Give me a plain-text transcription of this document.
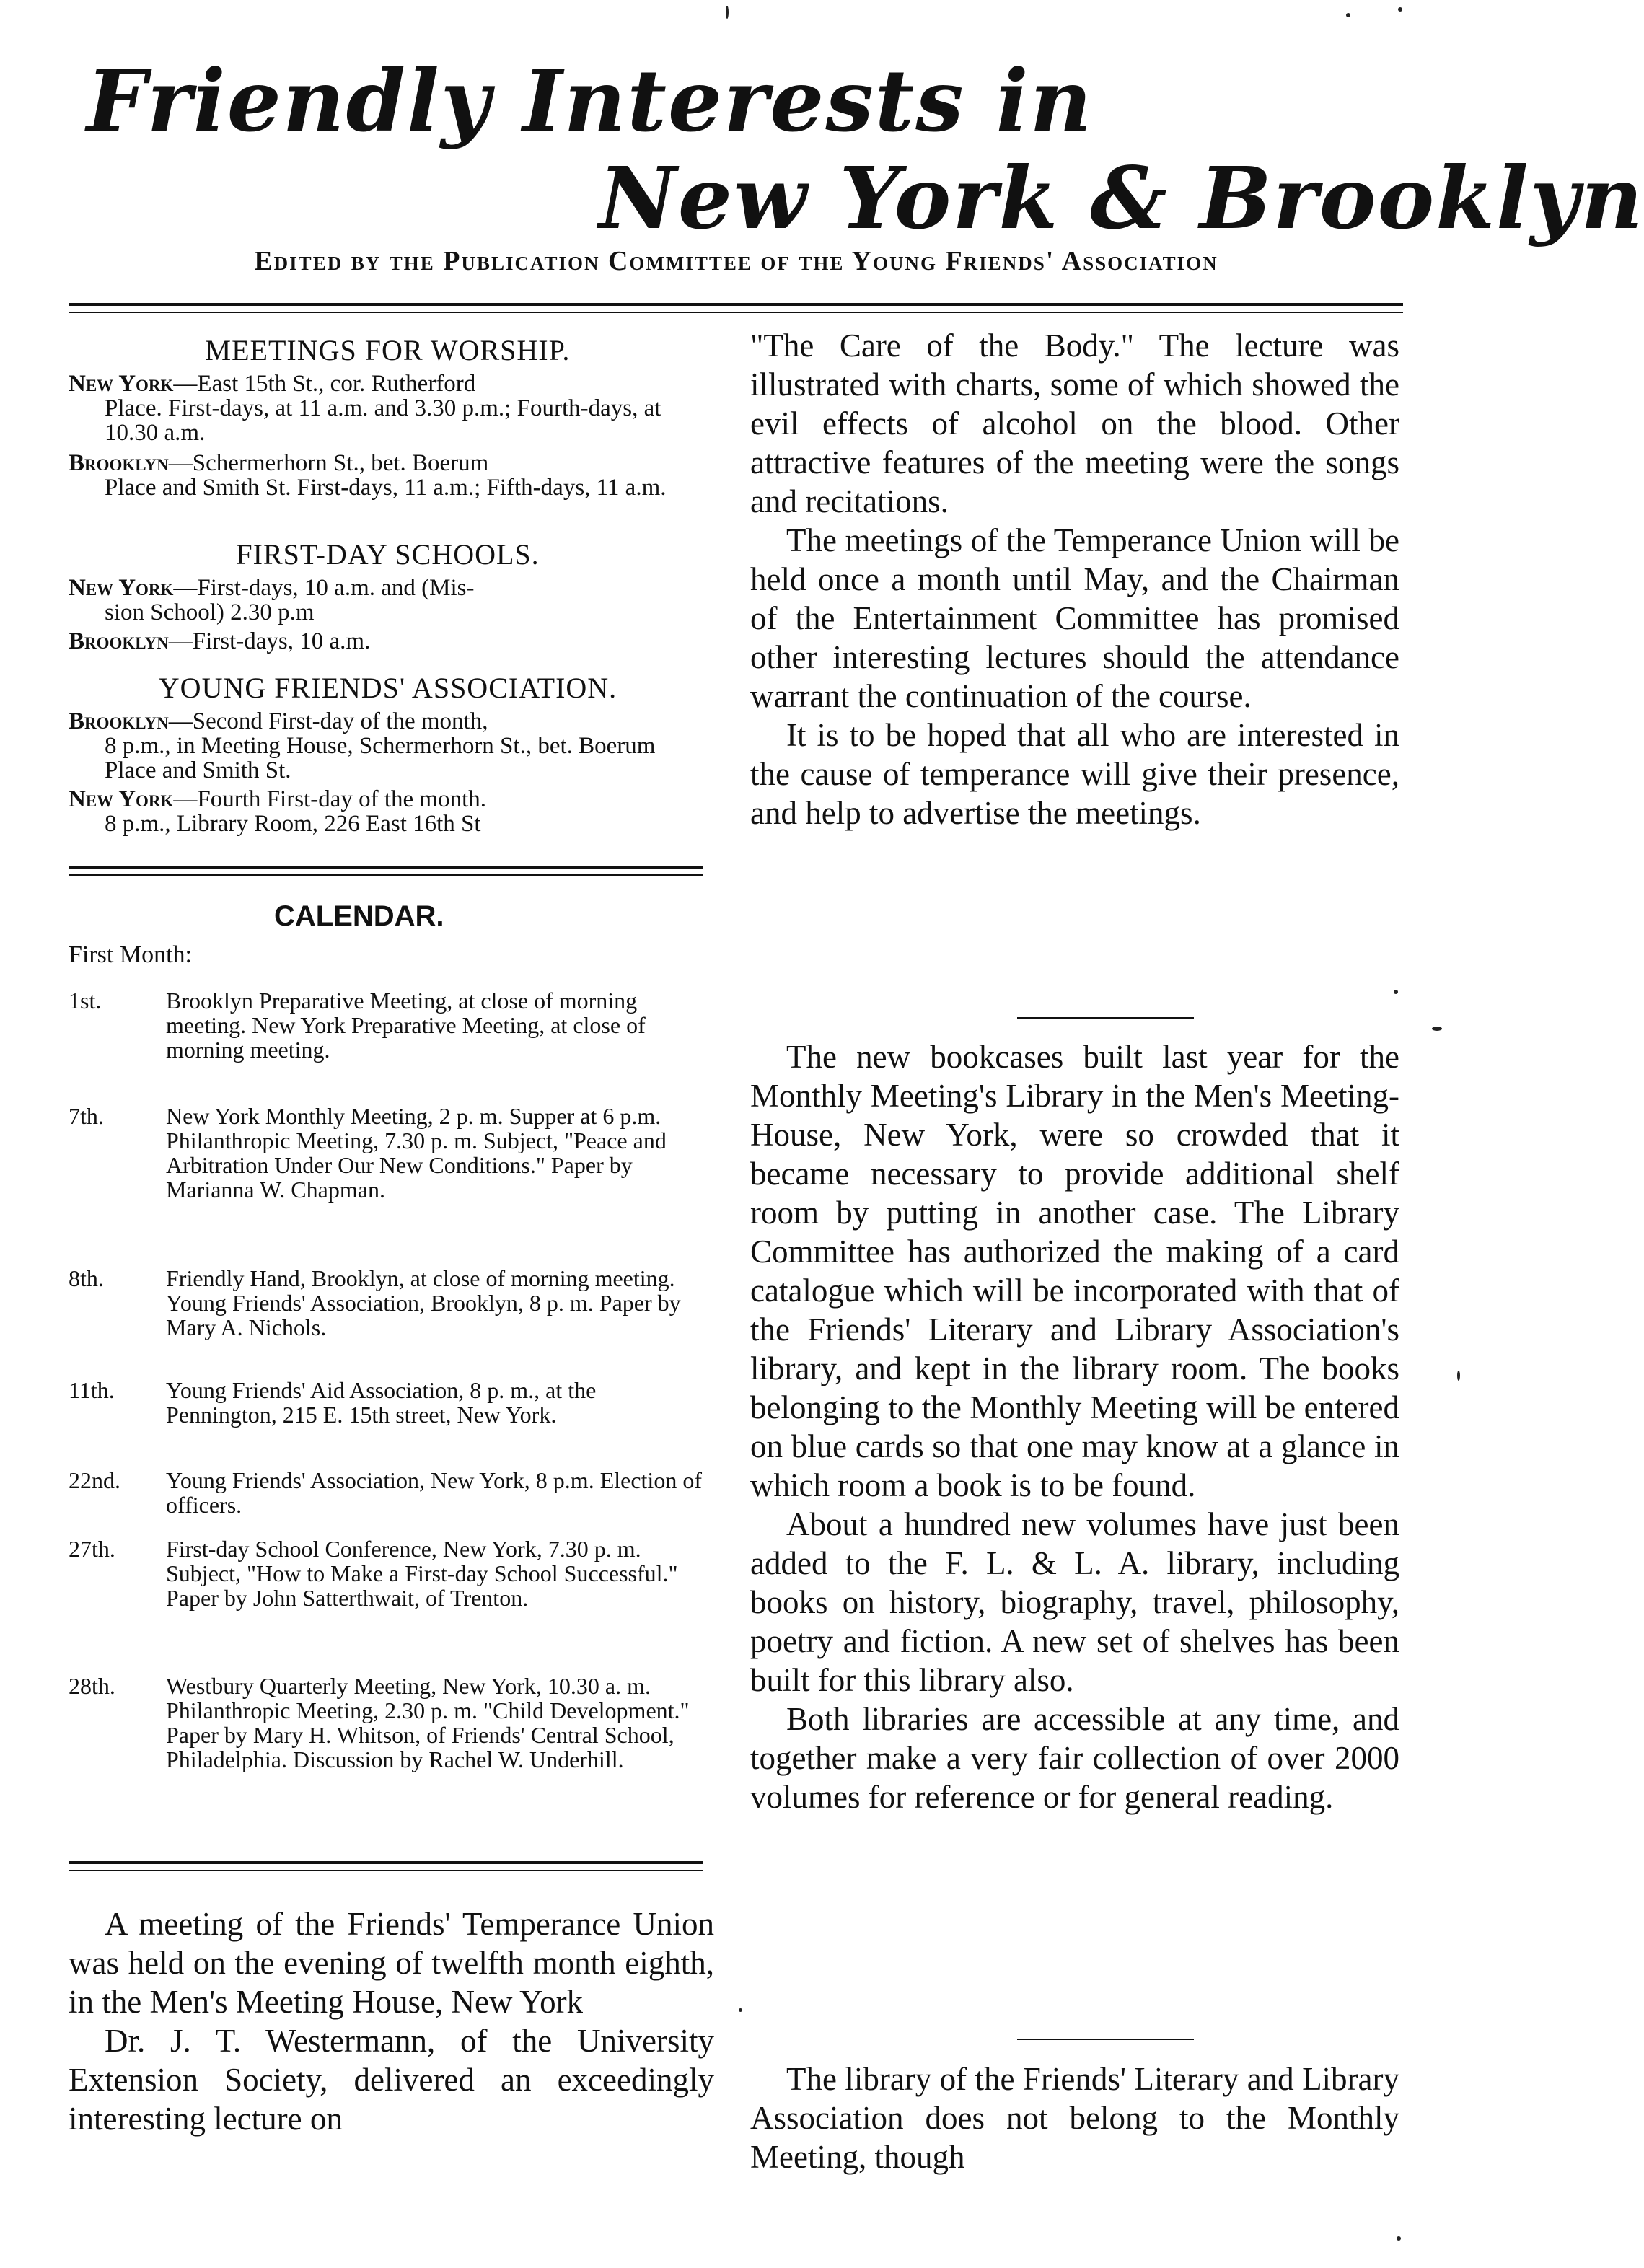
Friendly Interests in
New York & Brooklyn
Edited by the Publication Committee of the Young Friends' Association
MEETINGS FOR WORSHIP.
New York—East 15th St., cor. Rutherford
Place. First-days, at 11 a.m. and 3.30 p.m.; Fourth-days, at 10.30 a.m.
Brooklyn—Schermerhorn St., bet. Boerum
Place and Smith St. First-days, 11 a.m.; Fifth-days, 11 a.m.
FIRST-DAY SCHOOLS.
New York—First-days, 10 a.m. and (Mis-
sion School) 2.30 p.m
Brooklyn—First-days, 10 a.m.
YOUNG FRIENDS' ASSOCIATION.
Brooklyn—Second First-day of the month,
8 p.m., in Meeting House, Schermerhorn St., bet. Boerum Place and Smith St.
New York—Fourth First-day of the month.
8 p.m., Library Room, 226 East 16th St
CALENDAR.
First Month:
1st.	Brooklyn Preparative Meeting, at close of morning meeting. New York Preparative Meeting, at close of morning meeting.
7th.	New York Monthly Meeting, 2 p. m. Supper at 6 p.m. Philanthropic Meeting, 7.30 p. m. Subject, "Peace and Arbitration Under Our New Conditions." Paper by Marianna W. Chapman.
8th.	Friendly Hand, Brooklyn, at close of morning meeting. Young Friends' Association, Brooklyn, 8 p. m. Paper by Mary A. Nichols.
11th.	Young Friends' Aid Association, 8 p. m., at the Pennington, 215 E. 15th street, New York.
22nd.	Young Friends' Association, New York, 8 p.m. Election of officers.
27th.	First-day School Conference, New York, 7.30 p. m. Subject, "How to Make a First-day School Successful." Paper by John Satterthwait, of Trenton.
28th.	Westbury Quarterly Meeting, New York, 10.30 a. m. Philanthropic Meeting, 2.30 p. m. "Child Development." Paper by Mary H. Whitson, of Friends' Central School, Philadelphia. Discussion by Rachel W. Underhill.

A meeting of the Friends' Temperance Union was held on the evening of twelfth month eighth, in the Men's Meeting House, New York

Dr. J. T. Westermann, of the University Extension Society, delivered an exceedingly interesting lecture on

"The Care of the Body." The lecture was illustrated with charts, some of which showed the evil effects of alcohol on the blood. Other attractive features of the meeting were the songs and recitations.

The meetings of the Temperance Union will be held once a month until May, and the Chairman of the Entertainment Committee has promised other interesting lectures should the attendance warrant the continuation of the course.

It is to be hoped that all who are interested in the cause of temperance will give their presence, and help to advertise the meetings.

The new bookcases built last year for the Monthly Meeting's Library in the Men's Meeting-House, New York, were so crowded that it became necessary to provide additional shelf room by putting in another case. The Library Committee has authorized the making of a card catalogue which will be incorporated with that of the Friends' Literary and Library Association's library, and kept in the library room. The books belonging to the Monthly Meeting will be entered on blue cards so that one may know at a glance in which room a book is to be found.

About a hundred new volumes have just been added to the F. L. & L. A. library, including books on history, biography, travel, philosophy, poetry and fiction. A new set of shelves has been built for this library also.

Both libraries are accessible at any time, and together make a very fair collection of over 2000 volumes for reference or for general reading.

The library of the Friends' Literary and Library Association does not belong to the Monthly Meeting, though
